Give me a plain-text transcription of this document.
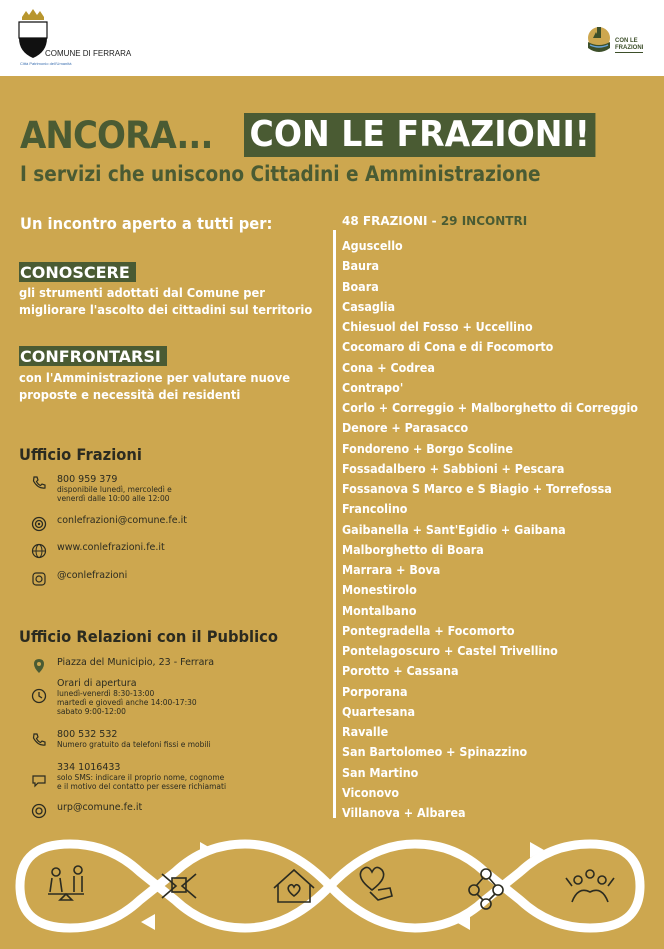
COMUNE DI FERRARA
Città Patrimonio dell'Umanità
CON LE
FRAZIONI
ANCORA...	CON LE FRAZIONI!
I servizi che uniscono Cittadini e Amministrazione
Un incontro aperto a tutti per:
CONOSCERE
gli strumenti adottati dal Comune per
migliorare l'ascolto dei cittadini sul territorio
CONFRONTARSI
con l'Amministrazione per valutare nuove
proposte e necessità dei residenti
Ufficio Frazioni
800 959 379
disponibile lunedì, mercoledì e
venerdì dalle 10:00 alle 12:00
conlefrazioni@comune.fe.it
www.conlefrazioni.fe.it
@conlefrazioni
Ufficio Relazioni con il Pubblico
Piazza del Municipio, 23 - Ferrara
Orari di apertura
lunedì-venerdì 8:30-13:00
martedì e giovedì anche 14:00-17:30
sabato 9:00-12:00
800 532 532
Numero gratuito da telefoni fissi e mobili
334 1016433
solo SMS: indicare il proprio nome, cognome
e il motivo del contatto per essere richiamati
urp@comune.fe.it
48 FRAZIONI - 29 INCONTRI
Aguscello
Baura
Boara
Casaglia
Chiesuol del Fosso + Uccellino
Cocomaro di Cona e di Focomorto
Cona + Codrea
Contrapo'
Corlo + Correggio + Malborghetto di Correggio
Denore + Parasacco
Fondoreno + Borgo Scoline
Fossadalbero + Sabbioni + Pescara
Fossanova S Marco e S Biagio + Torrefossa
Francolino
Gaibanella + Sant'Egidio + Gaibana
Malborghetto di Boara
Marrara + Bova
Monestirolo
Montalbano
Pontegradella + Focomorto
Pontelagoscuro + Castel Trivellino
Porotto + Cassana
Porporana
Quartesana
Ravalle
San Bartolomeo + Spinazzino
San Martino
Viconovo
Villanova + Albarea
